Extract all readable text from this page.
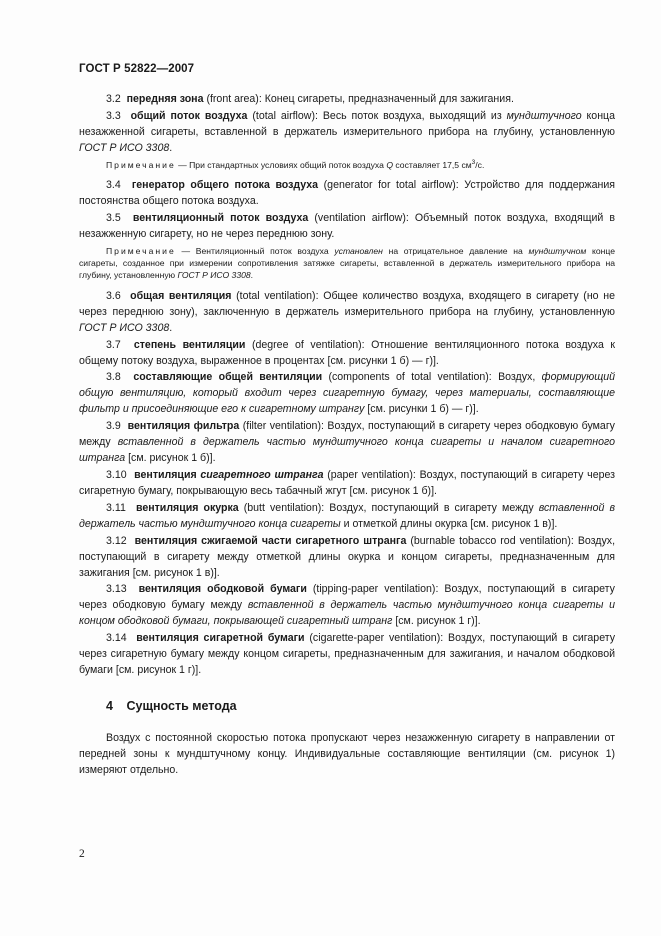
ГОСТ Р 52822—2007

3.2 передняя зона (front area): Конец сигареты, предназначенный для зажигания.

3.3 общий поток воздуха (total airflow): Весь поток воздуха, выходящий из мундштучного конца незажженной сигареты, вставленной в держатель измерительного прибора на глубину, установленную ГОСТ Р ИСО 3308.

Примечание — При стандартных условиях общий поток воздуха Q составляет 17,5 $см^3/с$.

3.4 генератор общего потока воздуха (generator for total airflow): Устройство для поддержания постоянства общего потока воздуха.

3.5 вентиляционный поток воздуха (ventilation airflow): Объемный поток воздуха, входящий в незажженную сигарету, но не через переднюю зону.

Примечание — Вентиляционный поток воздуха установлен на отрицательное давление на мундштучном конце сигареты, созданное при измерении сопротивления затяжке сигареты, вставленной в держатель измерительного прибора на глубину, установленную ГОСТ Р ИСО 3308.

3.6 общая вентиляция (total ventilation): Общее количество воздуха, входящего в сигарету (но не через переднюю зону), заключенную в держатель измерительного прибора на глубину, установленную ГОСТ Р ИСО 3308.

3.7 степень вентиляции (degree of ventilation): Отношение вентиляционного потока воздуха к общему потоку воздуха, выраженное в процентах [см. рисунки 1 б) — г)].

3.8 составляющие общей вентиляции (components of total ventilation): Воздух, формирующий общую вентиляцию, который входит через сигаретную бумагу, через материалы, составляющие фильтр и присоединяющие его к сигаретному штрангу [см. рисунки 1 б) — г)].

3.9 вентиляция фильтра (filter ventilation): Воздух, поступающий в сигарету через ободковую бумагу между вставленной в держатель частью мундштучного конца сигареты и началом сигаретного штранга [см. рисунок 1 б)].

3.10 вентиляция сигаретного штранга (paper ventilation): Воздух, поступающий в сигарету через сигаретную бумагу, покрывающую весь табачный жгут [см. рисунок 1 б)].

3.11 вентиляция окурка (butt ventilation): Воздух, поступающий в сигарету между вставленной в держатель частью мундштучного конца сигареты и отметкой длины окурка [см. рисунок 1 в)].

3.12 вентиляция сжигаемой части сигаретного штранга (burnable tobacco rod ventilation): Воздух, поступающий в сигарету между отметкой длины окурка и концом сигареты, предназначенным для зажигания [см. рисунок 1 в)].

3.13 вентиляция ободковой бумаги (tipping-paper ventilation): Воздух, поступающий в сигарету через ободковую бумагу между вставленной в держатель частью мундштучного конца сигареты и концом ободковой бумаги, покрывающей сигаретный штранг [см. рисунок 1 г)].

3.14 вентиляция сигаретной бумаги (cigarette-paper ventilation): Воздух, поступающий в сигарету через сигаретную бумагу между концом сигареты, предназначенным для зажигания, и началом ободковой бумаги [см. рисунок 1 г)].

4 Сущность метода

Воздух с постоянной скоростью потока пропускают через незажженную сигарету в направлении от передней зоны к мундштучному концу. Индивидуальные составляющие вентиляции (см. рисунок 1) измеряют отдельно.

2
